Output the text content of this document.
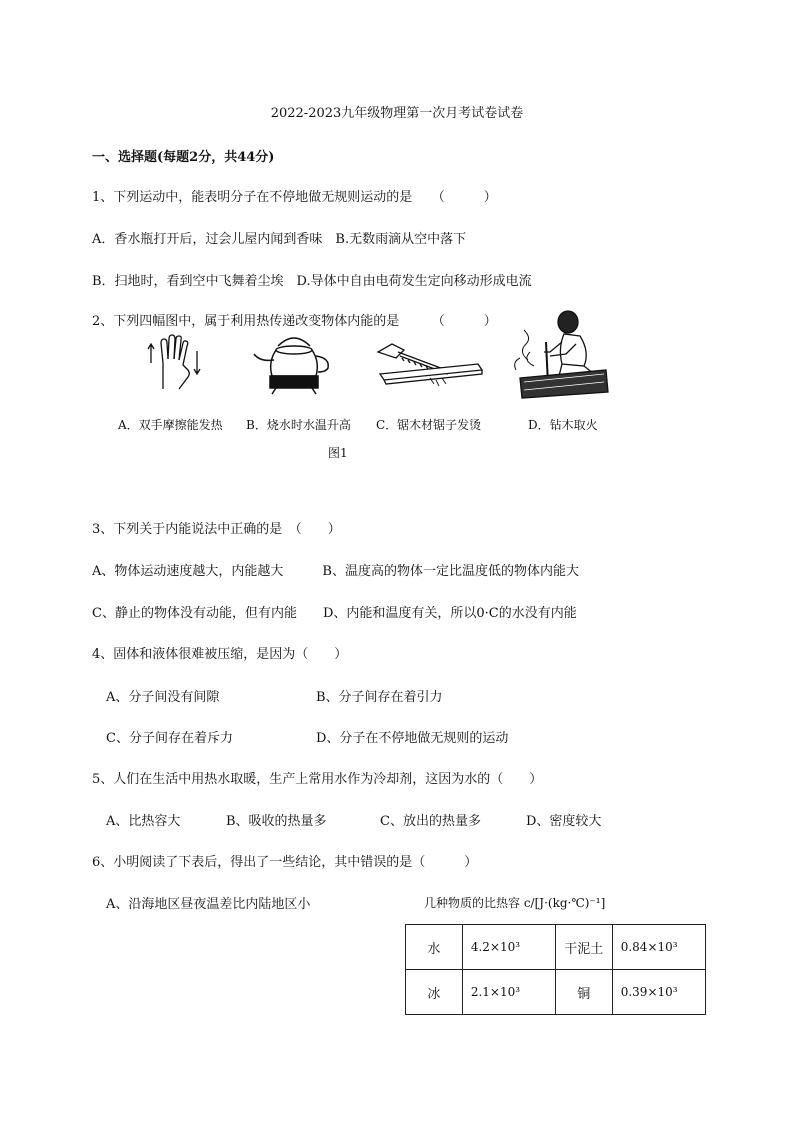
2022-2023九年级物理第一次月考试卷试卷
一、选择题(每题2分，共44分)
1、下列运动中，能表明分子在不停地做无规则运动的是　　（　　　）
A．香水瓶打开后，过会儿屋内闻到香味　B.无数雨滴从空中落下
B．扫地时，看到空中飞舞着尘埃　D.导体中自由电荷发生定向移动形成电流
2、下列四幅图中，属于利用热传递改变物体内能的是　　　（　　　）
A．双手摩擦能发热 B．烧水时水温升高 C．锯木材锯子发烫	D．钻木取火
图1
3、下列关于内能说法中正确的是　（　　）
A、物体运动速度越大，内能越大　　　B、温度高的物体一定比温度低的物体内能大
C、静止的物体没有动能，但有内能　　D、内能和温度有关，所以0·C的水没有内能
4、固体和液体很难被压缩，是因为（　　）
A、分子间没有间隙	B、分子间存在着引力
C、分子间存在着斥力	D、分子在不停地做无规则的运动
5、人们在生活中用热水取暖，生产上常用水作为冷却剂，这因为水的（　　）
A、比热容大	B、吸收的热量多	C、放出的热量多	D、密度较大
6、小明阅读了下表后，得出了一些结论，其中错误的是（　　　）
A、沿海地区昼夜温差比内陆地区小	几种物质的比热容 c/[J·(kg·℃)⁻¹]
水	4.2×10³	干泥土	0.84×10³
冰	2.1×10³	铜	0.39×10³
